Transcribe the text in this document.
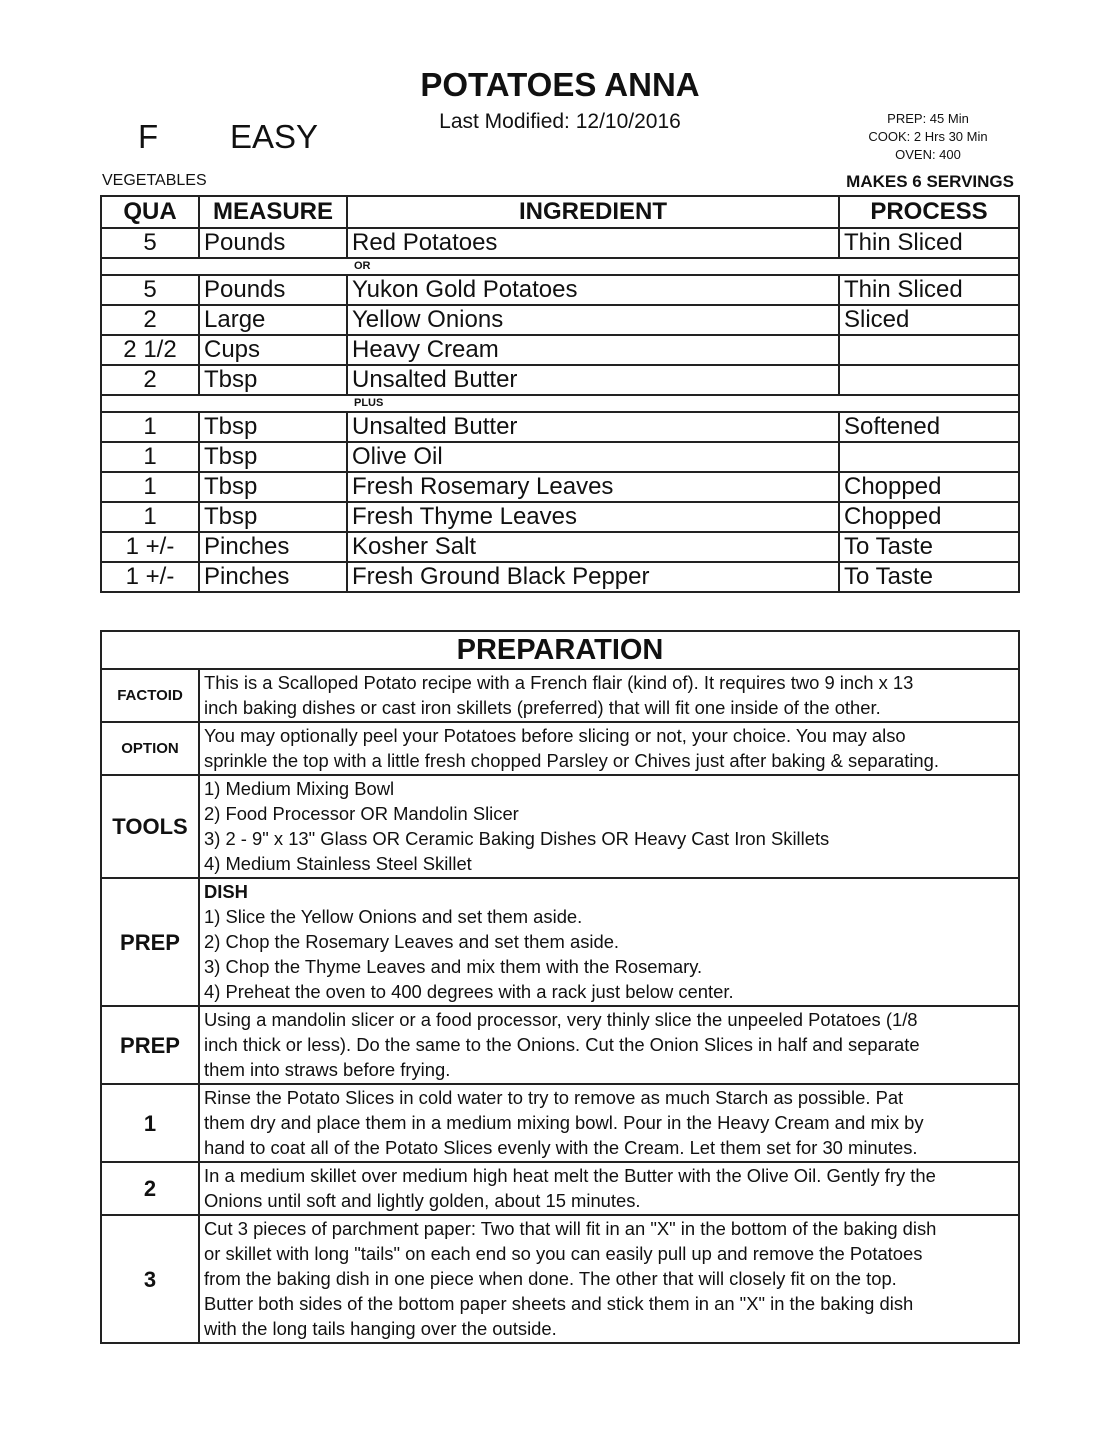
POTATOES ANNA
Last Modified: 12/10/2016
F EASY	PREP: 45 Min
COOK: 2 Hrs 30 Min
OVEN: 400
VEGETABLES	MAKES 6 SERVINGS
QUA	MEASURE	INGREDIENT	PROCESS
5	Pounds	Red Potatoes	Thin Sliced
OR			
5	Pounds	Yukon Gold Potatoes	Thin Sliced
2	Large	Yellow Onions	Sliced
2 1/2	Cups	Heavy Cream	
2	Tbsp	Unsalted Butter	
PLUS			
1	Tbsp	Unsalted Butter	Softened
1	Tbsp	Olive Oil	
1	Tbsp	Fresh Rosemary Leaves	Chopped
1	Tbsp	Fresh Thyme Leaves	Chopped
1 +/-	Pinches	Kosher Salt	To Taste
1 +/-	Pinches	Fresh Ground Black Pepper	To Taste
PREPARATION	
FACTOID	This is a Scalloped Potato recipe with a French flair (kind of). It requires two 9 inch x 13
inch baking dishes or cast iron skillets (preferred) that will fit one inside of the other.

OPTION	You may optionally peel your Potatoes before slicing or not, your choice. You may also
sprinkle the top with a little fresh chopped Parsley or Chives just after baking & separating.

TOOLS	1) Medium Mixing Bowl
2) Food Processor OR Mandolin Slicer
3) 2 - 9" x 13" Glass OR Ceramic Baking Dishes OR Heavy Cast Iron Skillets
4) Medium Stainless Steel Skillet

PREP	DISH
1) Slice the Yellow Onions and set them aside.
2) Chop the Rosemary Leaves and set them aside.
3) Chop the Thyme Leaves and mix them with the Rosemary.
4) Preheat the oven to 400 degrees with a rack just below center.

PREP	Using a mandolin slicer or a food processor, very thinly slice the unpeeled Potatoes (1/8
inch thick or less). Do the same to the Onions. Cut the Onion Slices in half and separate
them into straws before frying.

1	Rinse the Potato Slices in cold water to try to remove as much Starch as possible. Pat
them dry and place them in a medium mixing bowl. Pour in the Heavy Cream and mix by
hand to coat all of the Potato Slices evenly with the Cream. Let them set for 30 minutes.

2	In a medium skillet over medium high heat melt the Butter with the Olive Oil. Gently fry the
Onions until soft and lightly golden, about 15 minutes.

3	Cut 3 pieces of parchment paper: Two that will fit in an "X" in the bottom of the baking dish
or skillet with long "tails" on each end so you can easily pull up and remove the Potatoes
from the baking dish in one piece when done. The other that will closely fit on the top.
Butter both sides of the bottom paper sheets and stick them in an "X" in the baking dish
with the long tails hanging over the outside.
